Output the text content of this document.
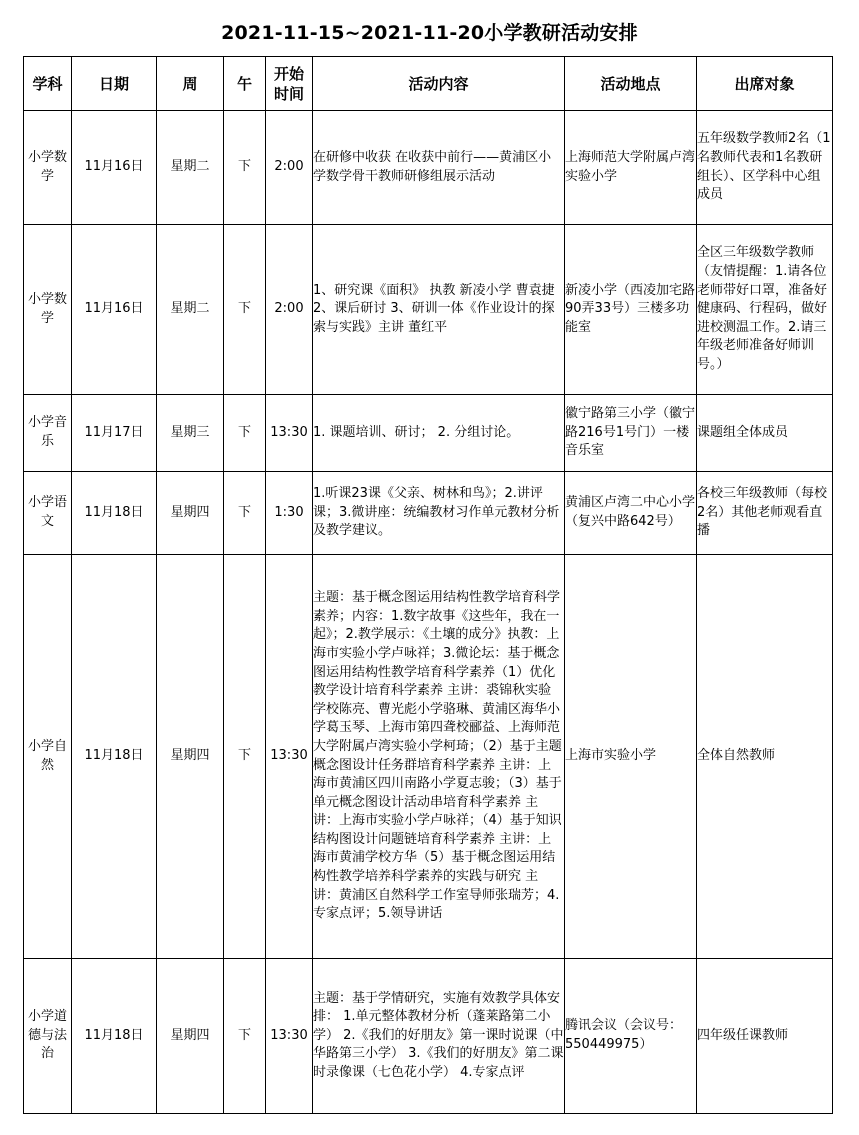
2021-11-15~2021-11-20小学教研活动安排
学科	日期	周	午	开始时间	活动内容	活动地点	出席对象
小学数学	11月16日	星期二	下	2:00	在研修中收获 在收获中前行——黄浦区小学数学骨干教师研修组展示活动	上海师范大学附属卢湾实验小学	五年级数学教师2名（1名教师代表和1名教研组长）、区学科中心组成员
小学数学	11月16日	星期二	下	2:00	1、研究课《面积》 执教 新凌小学 曹袁捷 2、课后研讨 3、研训一体《作业设计的探索与实践》主讲 董红平	新凌小学（西凌加宅路90弄33号）三楼多功能室	全区三年级数学教师（友情提醒：1.请各位老师带好口罩，准备好健康码、行程码，做好进校测温工作。2.请三年级老师准备好师训号。）
小学音乐	11月17日	星期三	下	13:30	1. 课题培训、研讨； 2. 分组讨论。	徽宁路第三小学（徽宁路216号1号门）一楼音乐室	课题组全体成员
小学语文	11月18日	星期四	下	1:30	1.听课23课《父亲、树林和鸟》；2.讲评课；3.微讲座：统编教材习作单元教材分析及教学建议。	黄浦区卢湾二中心小学（复兴中路642号）	各校三年级教师（每校2名）其他老师观看直播
小学自然	11月18日	星期四	下	13:30	主题：基于概念图运用结构性教学培育科学素养；内容：1.数字故事《这些年，我在一起》；2.教学展示：《土壤的成分》执教：上海市实验小学卢咏祥；3.微论坛：基于概念图运用结构性教学培育科学素养（1）优化教学设计培育科学素养 主讲：裘锦秋实验学校陈亮、曹光彪小学骆琳、黄浦区海华小学葛玉琴、上海市第四聋校郦益、上海师范大学附属卢湾实验小学柯琦；（2）基于主题概念图设计任务群培育科学素养 主讲：上海市黄浦区四川南路小学夏志骏；（3）基于单元概念图设计活动串培育科学素养 主讲：上海市实验小学卢咏祥；（4）基于知识结构图设计问题链培育科学素养 主讲：上海市黄浦学校方华（5）基于概念图运用结构性教学培养科学素养的实践与研究 主讲：黄浦区自然科学工作室导师张瑞芳；4.专家点评；5.领导讲话	上海市实验小学	全体自然教师
小学道德与法治	11月18日	星期四	下	13:30	主题：基于学情研究，实施有效教学具体安排： 1.单元整体教材分析（蓬莱路第二小学） 2.《我们的好朋友》第一课时说课（中华路第三小学） 3.《我们的好朋友》第二课时录像课（七色花小学） 4.专家点评	腾讯会议（会议号：550449975）	四年级任课教师
